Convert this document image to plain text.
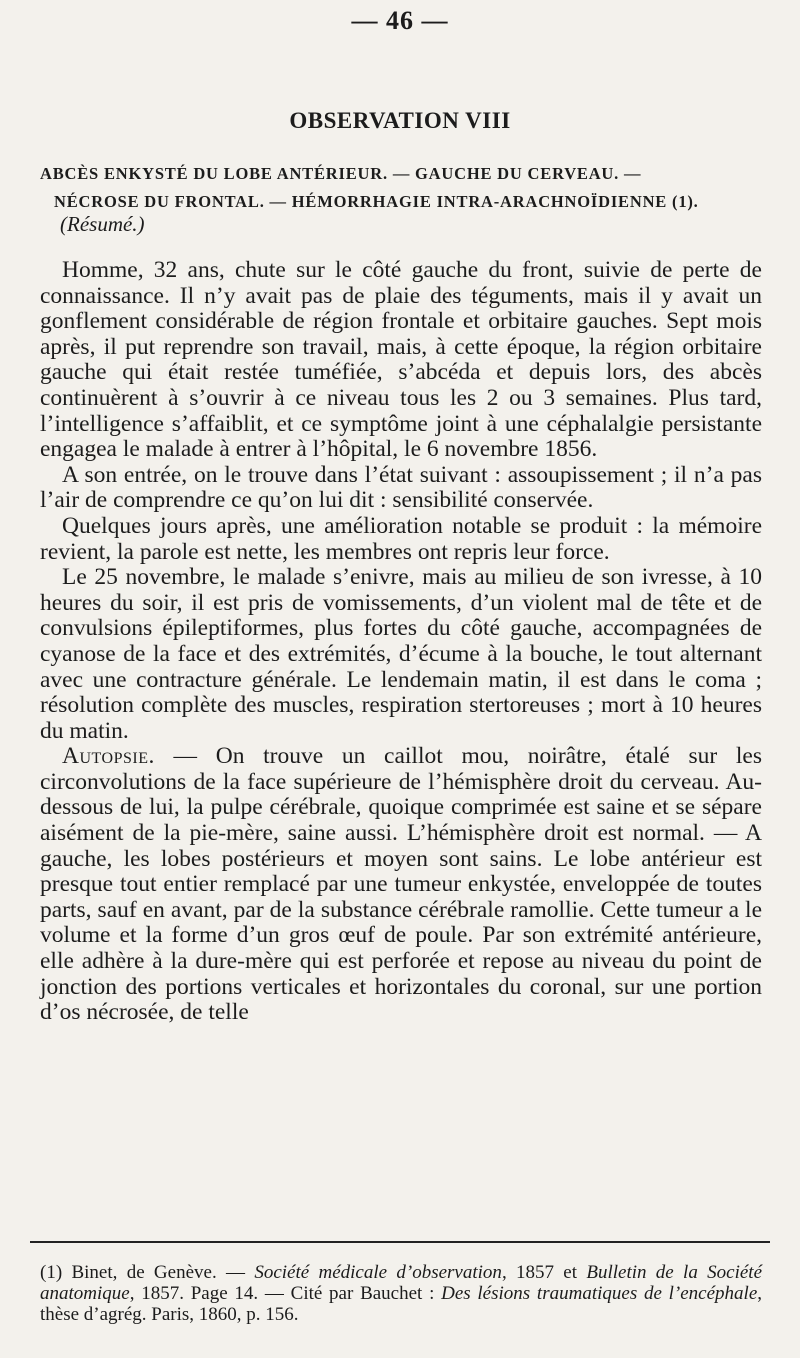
— 46 —
OBSERVATION VIII
ABCÈS ENKYSTÉ DU LOBE ANTÉRIEUR. — GAUCHE DU CERVEAU. —
NÉCROSE DU FRONTAL. — HÉMORRHAGIE INTRA-ARACHNOÏDIENNE (1).
(Résumé.)

Homme, 32 ans, chute sur le côté gauche du front, suivie de perte de connaissance. Il n’y avait pas de plaie des téguments, mais il y avait un gonflement considérable de région frontale et orbitaire gauches. Sept mois après, il put reprendre son travail, mais, à cette époque, la région orbitaire gauche qui était restée tuméfiée, s’abcéda et depuis lors, des abcès continuèrent à s’ouvrir à ce niveau tous les 2 ou 3 semaines. Plus tard, l’intelligence s’affaiblit, et ce symptôme joint à une céphalalgie persistante engagea le malade à entrer à l’hôpital, le 6 novembre 1856.

A son entrée, on le trouve dans l’état suivant : assoupissement ; il n’a pas l’air de comprendre ce qu’on lui dit : sensibilité conservée.

Quelques jours après, une amélioration notable se produit : la mémoire revient, la parole est nette, les membres ont repris leur force.

Le 25 novembre, le malade s’enivre, mais au milieu de son ivresse, à 10 heures du soir, il est pris de vomissements, d’un violent mal de tête et de convulsions épileptiformes, plus fortes du côté gauche, accompagnées de cyanose de la face et des extrémités, d’écume à la bouche, le tout alternant avec une contracture générale. Le lendemain matin, il est dans le coma ; résolution complète des muscles, respiration stertoreuses ; mort à 10 heures du matin.

Autopsie. — On trouve un caillot mou, noirâtre, étalé sur les circonvolutions de la face supérieure de l’hémisphère droit du cerveau. Au-dessous de lui, la pulpe cérébrale, quoique comprimée est saine et se sépare aisément de la pie-mère, saine aussi. L’hémisphère droit est normal. — A gauche, les lobes postérieurs et moyen sont sains. Le lobe antérieur est presque tout entier remplacé par une tumeur enkystée, enveloppée de toutes parts, sauf en avant, par de la substance cérébrale ramollie. Cette tumeur a le volume et la forme d’un gros œuf de poule. Par son extrémité antérieure, elle adhère à la dure-mère qui est perforée et repose au niveau du point de jonction des portions verticales et horizontales du coronal, sur une portion d’os nécrosée, de telle

(1) Binet, de Genève. — Société médicale d’observation, 1857 et Bulletin de la Société anatomique, 1857. Page 14. — Cité par Bauchet : Des lésions traumatiques de l’encéphale, thèse d’agrég. Paris, 1860, p. 156.
